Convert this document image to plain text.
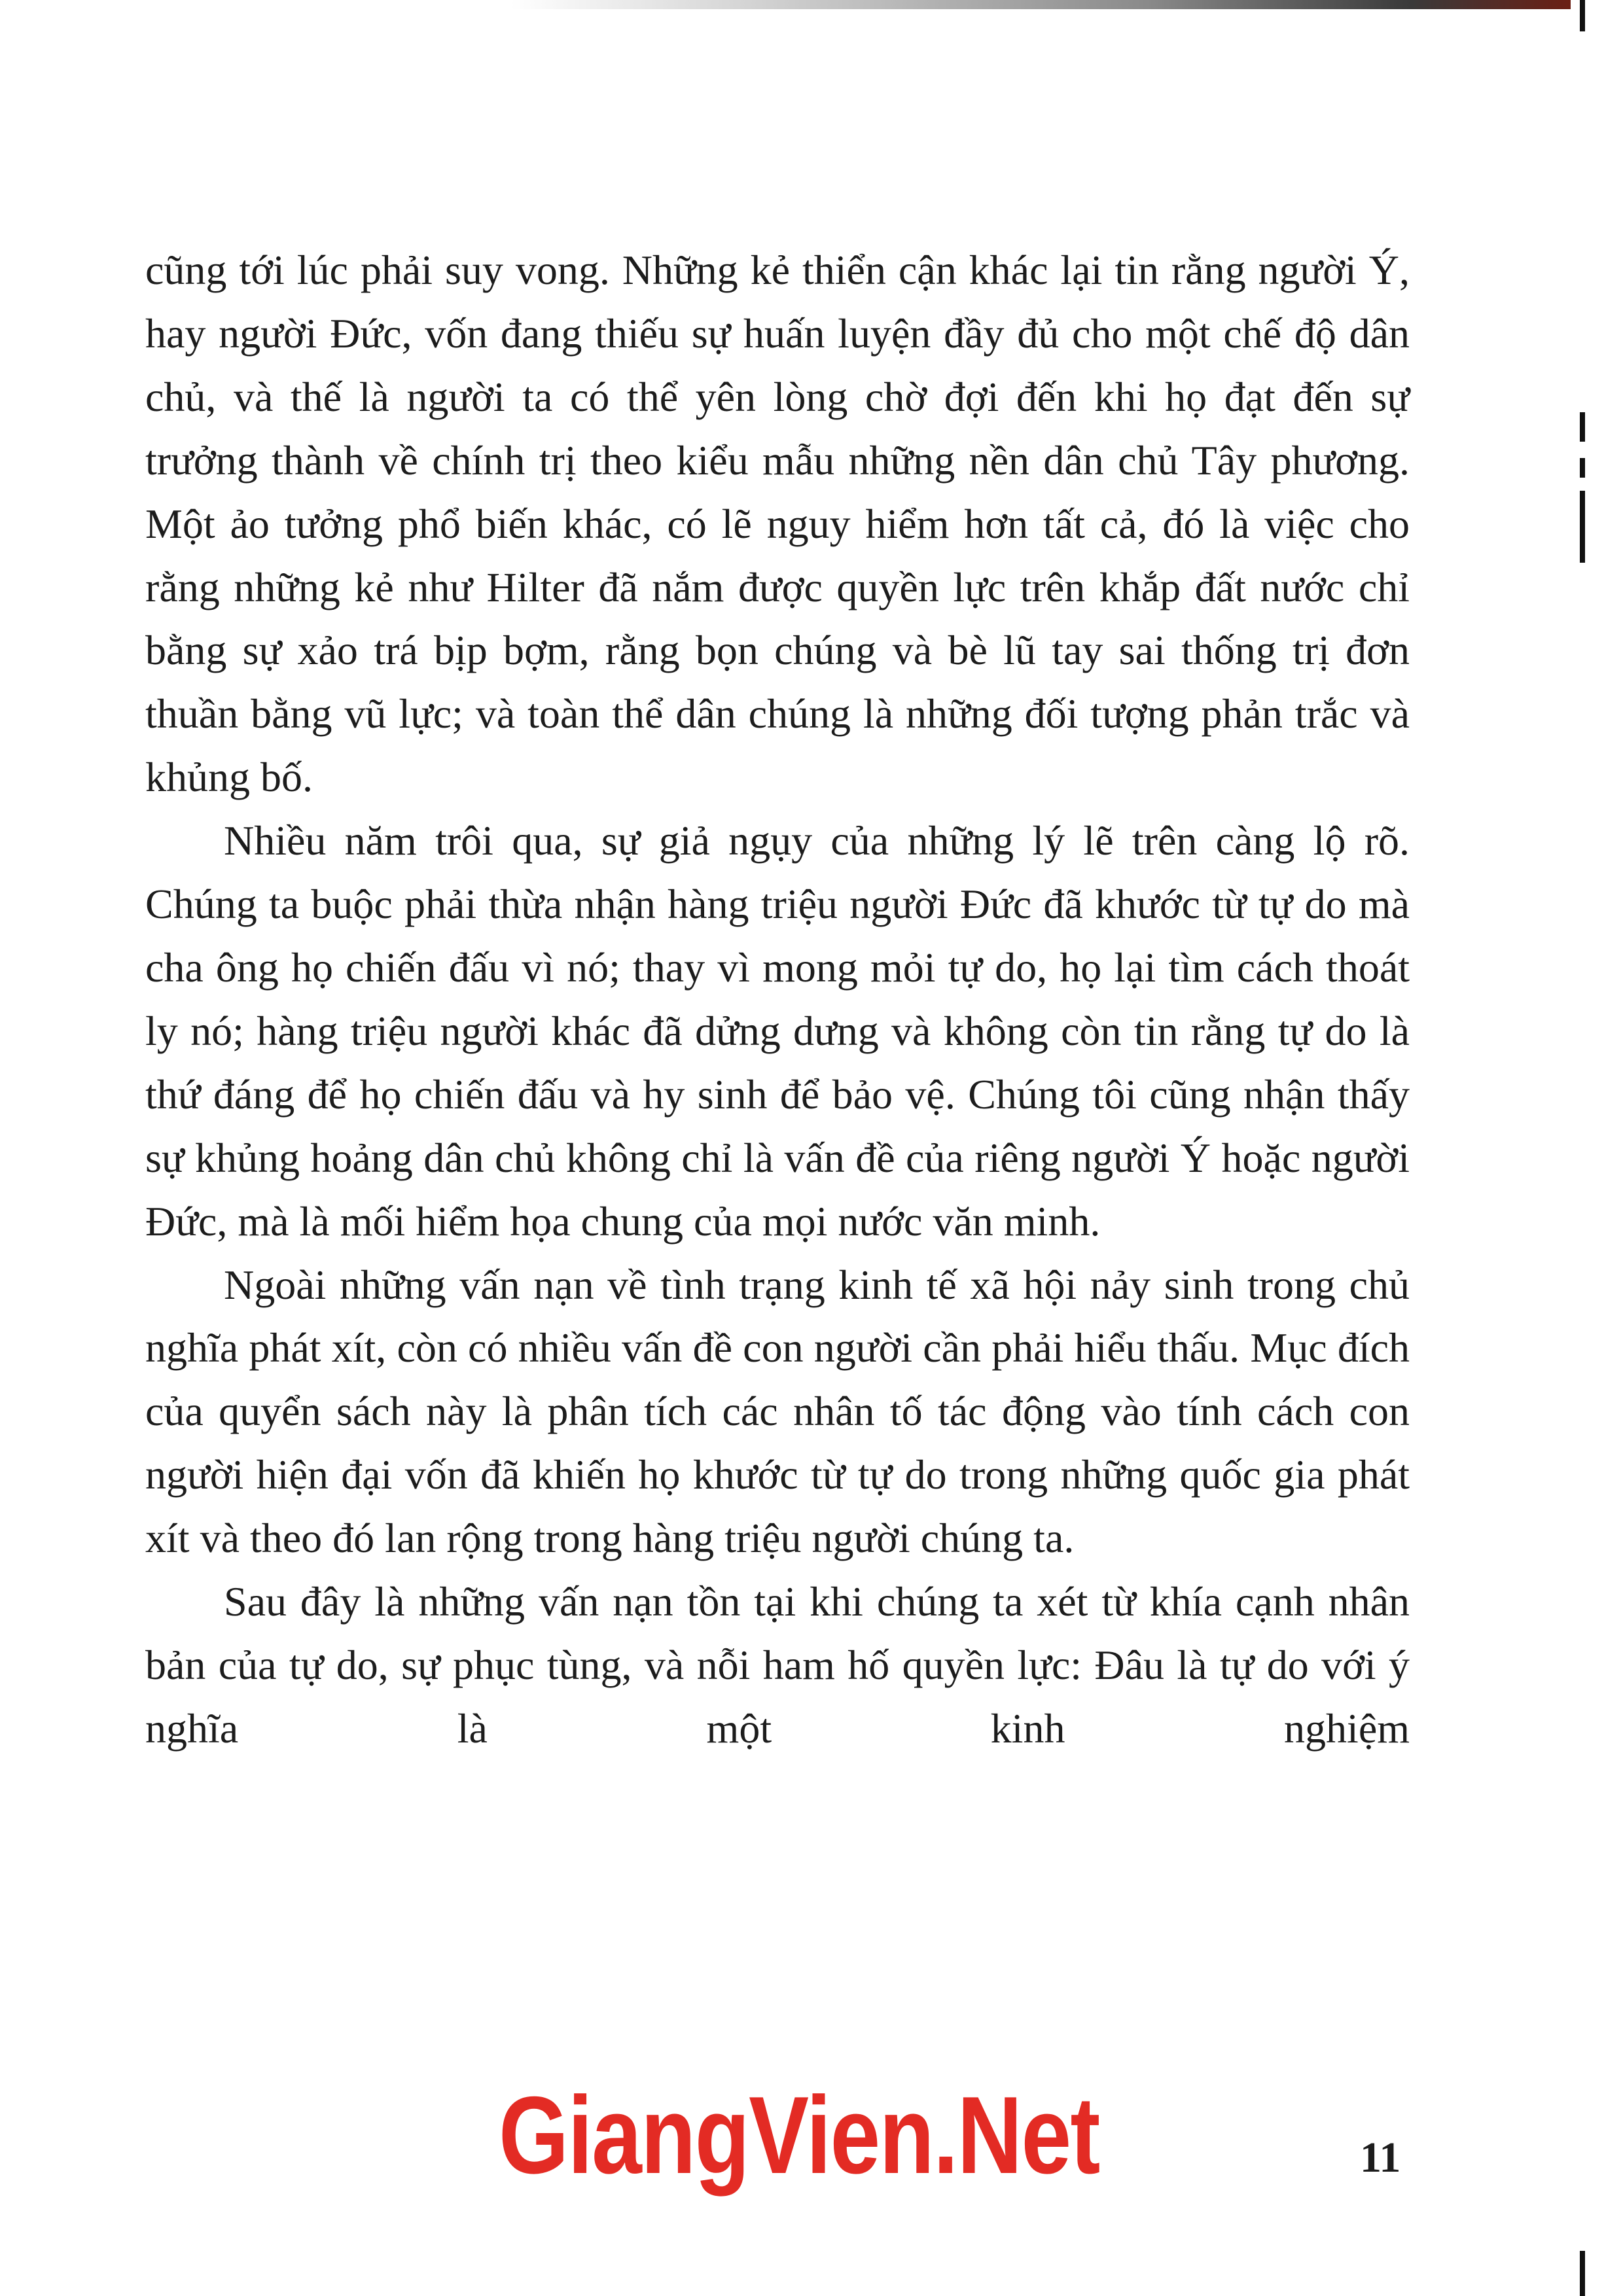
cũng tới lúc phải suy vong. Những kẻ thiển cận khác lại tin rằng người Ý, hay người Đức, vốn đang thiếu sự huấn luyện đầy đủ cho một chế độ dân chủ, và thế là người ta có thể yên lòng chờ đợi đến khi họ đạt đến sự trưởng thành về chính trị theo kiểu mẫu những nền dân chủ Tây phương. Một ảo tưởng phổ biến khác, có lẽ nguy hiểm hơn tất cả, đó là việc cho rằng những kẻ như Hilter đã nắm được quyền lực trên khắp đất nước chỉ bằng sự xảo trá bịp bợm, rằng bọn chúng và bè lũ tay sai thống trị đơn thuần bằng vũ lực; và toàn thể dân chúng là những đối tượng phản trắc và khủng bố.

Nhiều năm trôi qua, sự giả ngụy của những lý lẽ trên càng lộ rõ. Chúng ta buộc phải thừa nhận hàng triệu người Đức đã khước từ tự do mà cha ông họ chiến đấu vì nó; thay vì mong mỏi tự do, họ lại tìm cách thoát ly nó; hàng triệu người khác đã dửng dưng và không còn tin rằng tự do là thứ đáng để họ chiến đấu và hy sinh để bảo vệ. Chúng tôi cũng nhận thấy sự khủng hoảng dân chủ không chỉ là vấn đề của riêng người Ý hoặc người Đức, mà là mối hiểm họa chung của mọi nước văn minh.

Ngoài những vấn nạn về tình trạng kinh tế xã hội nảy sinh trong chủ nghĩa phát xít, còn có nhiều vấn đề con người cần phải hiểu thấu. Mục đích của quyển sách này là phân tích các nhân tố tác động vào tính cách con người hiện đại vốn đã khiến họ khước từ tự do trong những quốc gia phát xít và theo đó lan rộng trong hàng triệu người chúng ta.

Sau đây là những vấn nạn tồn tại khi chúng ta xét từ khía cạnh nhân bản của tự do, sự phục tùng, và nỗi ham hố quyền lực: Đâu là tự do với ý nghĩa là một kinh nghiệm

GiangVien.Net	11
